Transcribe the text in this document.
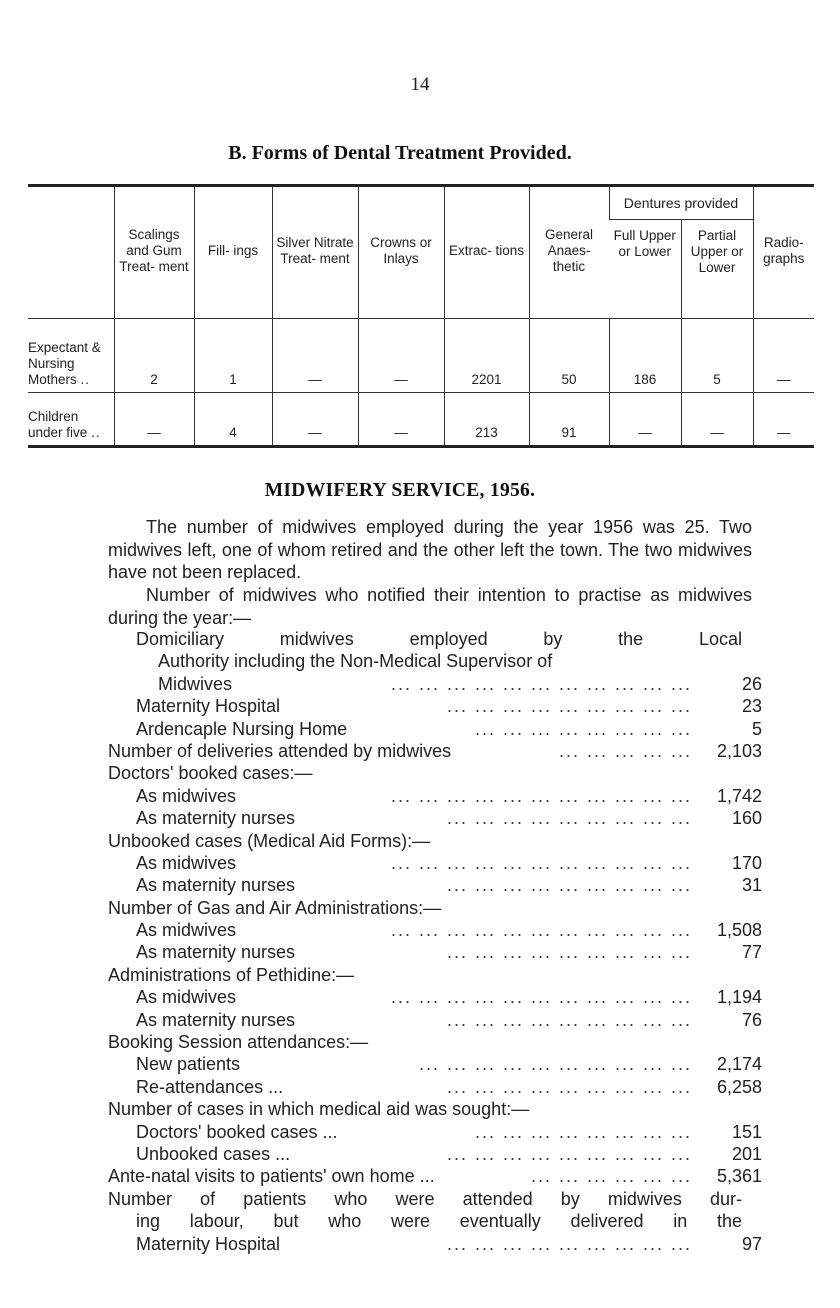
14
B. Forms of Dental Treatment Provided.
	Scalings and Gum Treat- ment	Fill- ings	Silver Nitrate Treat- ment	Crowns or Inlays	Extrac- tions	General Anaes- thetic	Dentures provided		Radio- graphs
							Full Upper or Lower	Partial Upper or Lower	
Expectant & Nursing
Mothers ..	2	1	—	—	2201	50	186	5	—
Children
under five ..	—	4	—	—	213	91	—	—	—
MIDWIFERY SERVICE, 1956.
The number of midwives employed during the year 1956 was 25. Two midwives left, one of whom retired and the other left the town. The two midwives have not been replaced.
Number of midwives who notified their intention to practise as midwives during the year:—
Domiciliary midwives employed by the Local
Authority including the Non-Medical Supervisor of
Midwives	... ... ... ... ... ... ... ... ... ... ...	26
Maternity Hospital	... ... ... ... ... ... ... ... ...	23
Ardencaple Nursing Home	... ... ... ... ... ... ... ...	5
Number of deliveries attended by midwives	... ... ... ... ...	2,103
Doctors' booked cases:—
As midwives	... ... ... ... ... ... ... ... ... ... ...	1,742
As maternity nurses	... ... ... ... ... ... ... ... ...	160
Unbooked cases (Medical Aid Forms):—
As midwives	... ... ... ... ... ... ... ... ... ... ...	170
As maternity nurses	... ... ... ... ... ... ... ... ...	31
Number of Gas and Air Administrations:—
As midwives	... ... ... ... ... ... ... ... ... ... ...	1,508
As maternity nurses	... ... ... ... ... ... ... ... ...	77
Administrations of Pethidine:—
As midwives	... ... ... ... ... ... ... ... ... ... ...	1,194
As maternity nurses	... ... ... ... ... ... ... ... ...	76
Booking Session attendances:—
New patients	... ... ... ... ... ... ... ... ... ...	2,174
Re-attendances ...	... ... ... ... ... ... ... ... ...	6,258
Number of cases in which medical aid was sought:—
Doctors' booked cases ...	... ... ... ... ... ... ... ...	151
Unbooked cases ...	... ... ... ... ... ... ... ... ...	201
Ante-natal visits to patients' own home ...	... ... ... ... ... ...	5,361
Number of patients who were attended by midwives dur-
ing labour, but who were eventually delivered in the
Maternity Hospital	... ... ... ... ... ... ... ... ...	97
